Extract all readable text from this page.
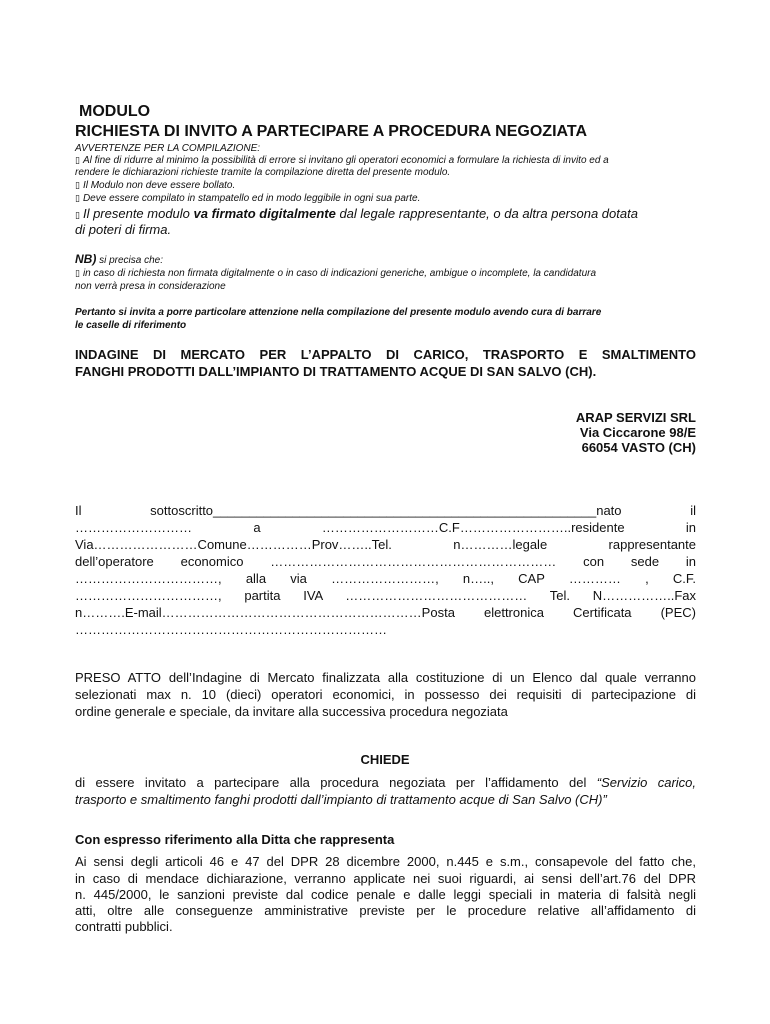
MODULO
RICHIESTA DI INVITO A PARTECIPARE A PROCEDURA NEGOZIATA
AVVERTENZE PER LA COMPILAZIONE:
▯ Al fine di ridurre al minimo la possibilità di errore si invitano gli operatori economici a formulare la richiesta di invito ed a
rendere le dichiarazioni richieste tramite la compilazione diretta del presente modulo.
▯ Il Modulo non deve essere bollato.
▯ Deve essere compilato in stampatello ed in modo leggibile in ogni sua parte.
▯ Il presente modulo va firmato digitalmente dal legale rappresentante, o da altra persona dotata
di poteri di firma.
NB) si precisa che:
▯ in caso di richiesta non firmata digitalmente o in caso di indicazioni generiche, ambigue o incomplete, la candidatura
non verrà presa in considerazione
Pertanto si invita a porre particolare attenzione nella compilazione del presente modulo avendo cura di barrare
le caselle di riferimento
INDAGINE DI MERCATO PER L’APPALTO DI CARICO, TRASPORTO E SMALTIMENTO
FANGHI PRODOTTI DALL’IMPIANTO DI TRATTAMENTO ACQUE DI SAN SALVO (CH).
ARAP SERVIZI SRL
Via Ciccarone 98/E
66054 VASTO (CH)
Il sottoscritto_____________________________________________________nato il
……………………… a ………………………C.F……………………..residente in
Via……………………Comune……………Prov……..Tel. n…………legale rappresentante
dell’operatore economico ………………………………………………………… con sede in
……………………………, alla via ……………………, n….., CAP ………… , C.F.
……………………………, partita IVA …………………………………… Tel. N……………..Fax
n……….E-mail……………………………………………………Posta elettronica Certificata (PEC)
………………………………………………………………
PRESO ATTO dell’Indagine di Mercato finalizzata alla costituzione di un Elenco dal quale verranno
selezionati max n. 10 (dieci) operatori economici, in possesso dei requisiti di partecipazione di
ordine generale e speciale, da invitare alla successiva procedura negoziata
CHIEDE
di essere invitato a partecipare alla procedura negoziata per l’affidamento del “Servizio carico,
trasporto e smaltimento fanghi prodotti dall’impianto di trattamento acque di San Salvo (CH)”
Con espresso riferimento alla Ditta che rappresenta
Ai sensi degli articoli 46 e 47 del DPR 28 dicembre 2000, n.445 e s.m., consapevole del fatto che,
in caso di mendace dichiarazione, verranno applicate nei suoi riguardi, ai sensi dell’art.76 del DPR
n. 445/2000, le sanzioni previste dal codice penale e dalle leggi speciali in materia di falsità negli
atti, oltre alle conseguenze amministrative previste per le procedure relative all’affidamento di
contratti pubblici.
